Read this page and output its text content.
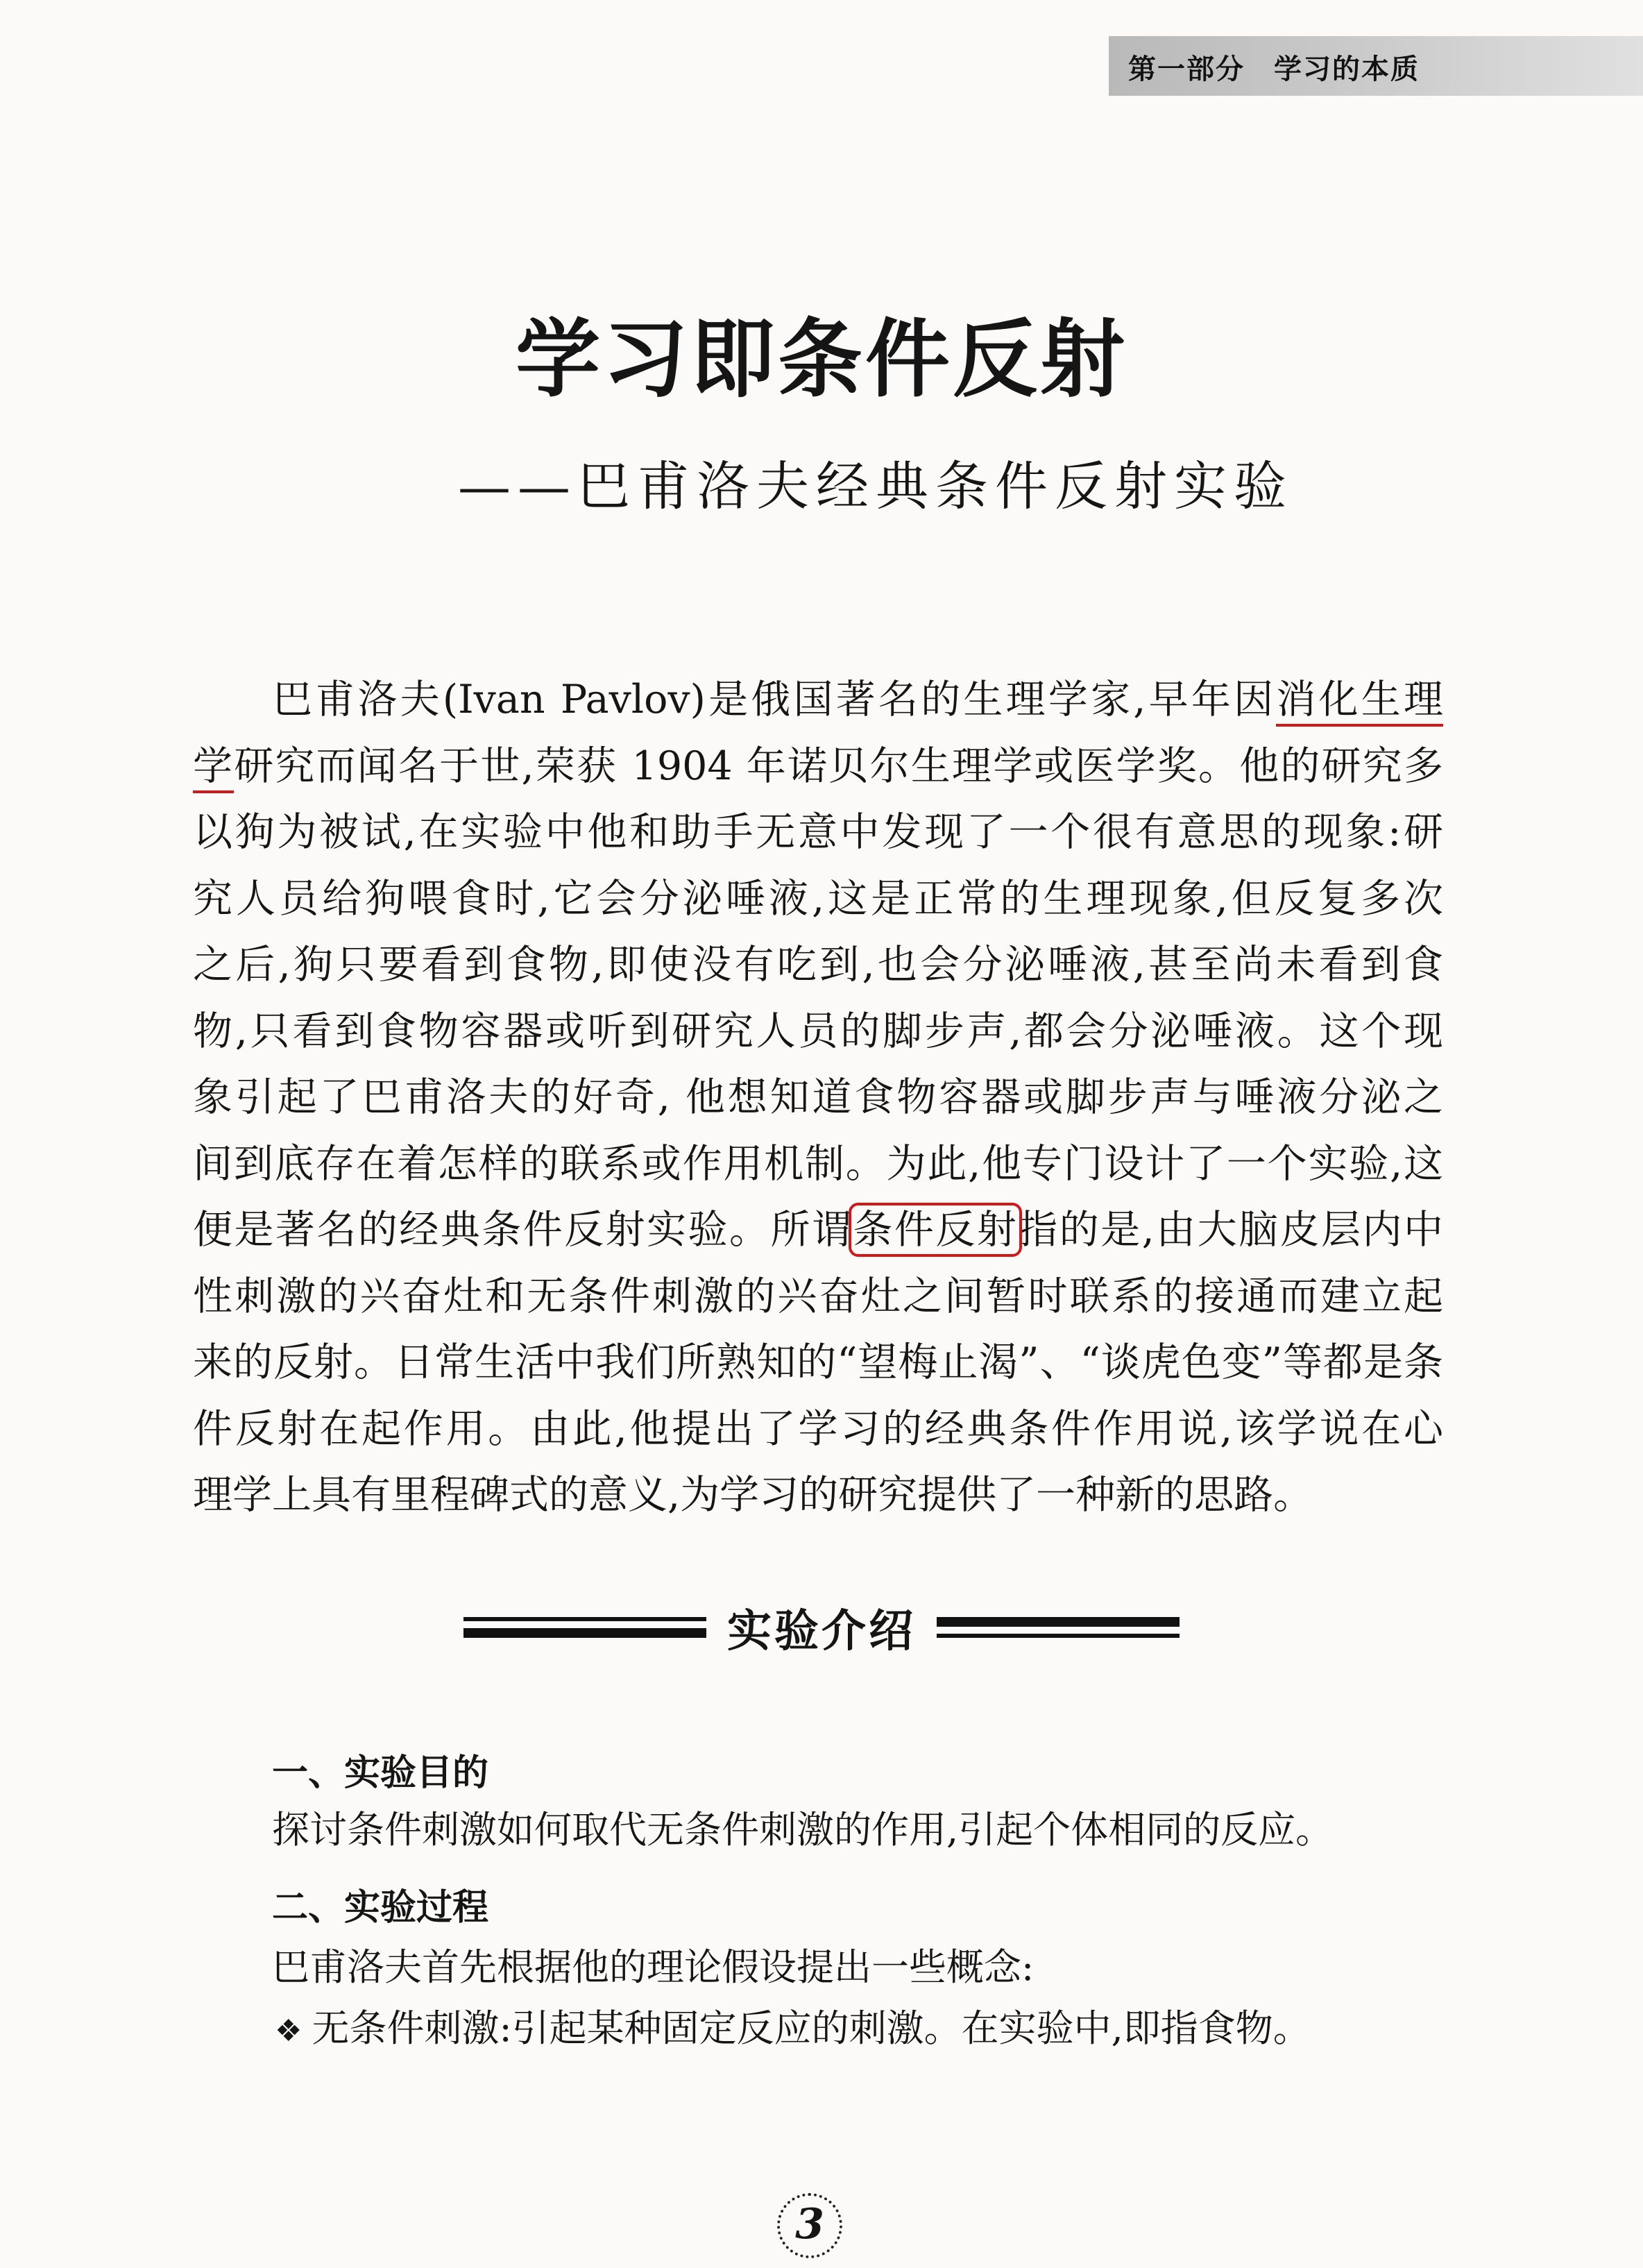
第一部分　学习的本质
学习即条件反射
——巴甫洛夫经典条件反射实验
巴甫洛夫(Ivan Pavlov)是俄国著名的生理学家,早年因消化生理
学研究而闻名于世,荣获 1904 年诺贝尔生理学或医学奖。他的研究多
以狗为被试,在实验中他和助手无意中发现了一个很有意思的现象:研
究人员给狗喂食时,它会分泌唾液,这是正常的生理现象,但反复多次
之后,狗只要看到食物,即使没有吃到,也会分泌唾液,甚至尚未看到食
物,只看到食物容器或听到研究人员的脚步声,都会分泌唾液。这个现
象引起了巴甫洛夫的好奇, 他想知道食物容器或脚步声与唾液分泌之
间到底存在着怎样的联系或作用机制。为此,他专门设计了一个实验,这
便是著名的经典条件反射实验。所谓条件反射指的是,由大脑皮层内中
性刺激的兴奋灶和无条件刺激的兴奋灶之间暂时联系的接通而建立起
来的反射。日常生活中我们所熟知的“望梅止渴”、“谈虎色变”等都是条
件反射在起作用。由此,他提出了学习的经典条件作用说,该学说在心
理学上具有里程碑式的意义,为学习的研究提供了一种新的思路。
实验介绍
一、实验目的
探讨条件刺激如何取代无条件刺激的作用,引起个体相同的反应。
二、实验过程
巴甫洛夫首先根据他的理论假设提出一些概念:
❖ 无条件刺激:引起某种固定反应的刺激。在实验中,即指食物。
3
